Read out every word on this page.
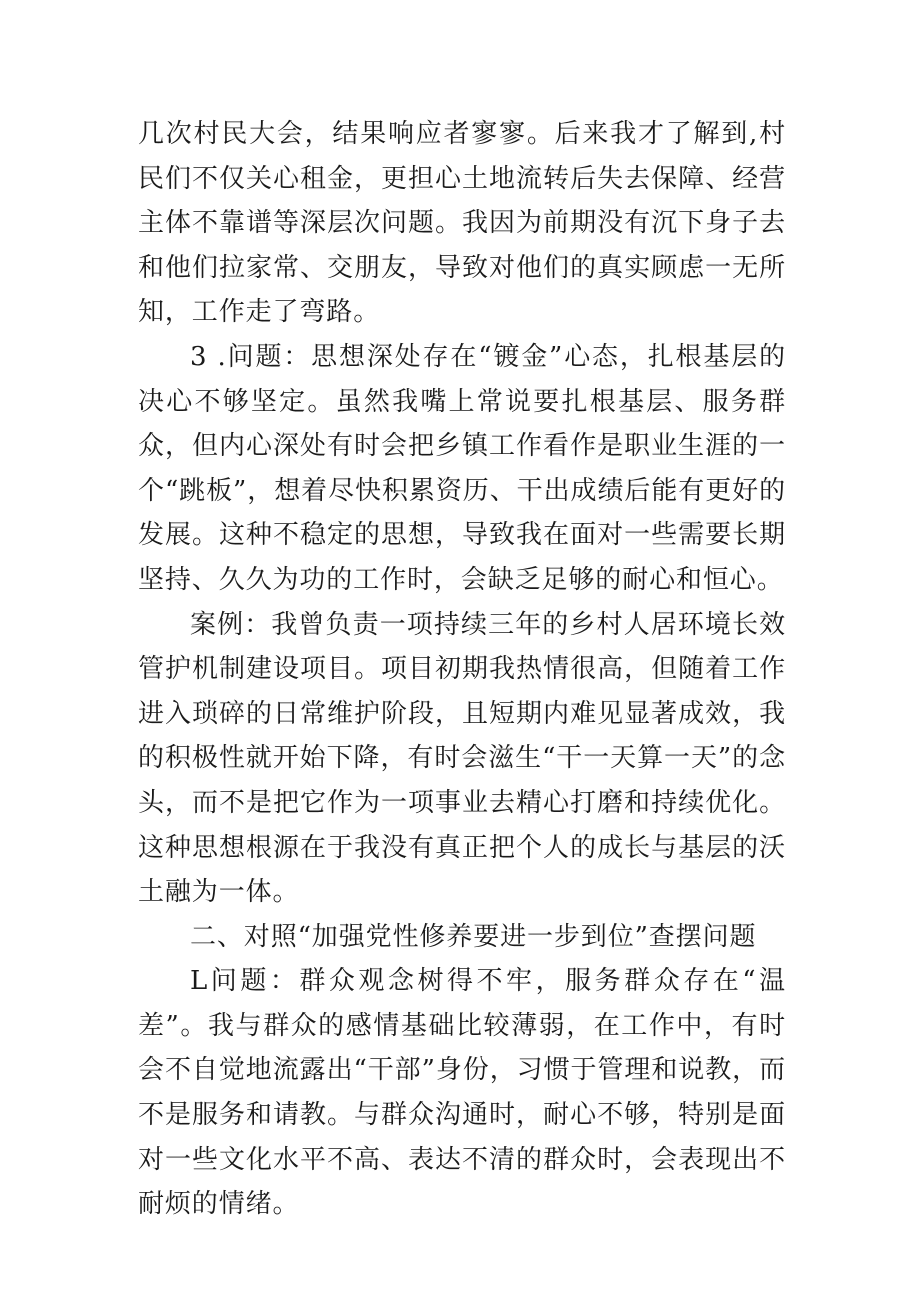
几次村民大会，结果响应者寥寥。后来我才了解到,村民们不仅关心租金，更担心土地流转后失去保障、经营主体不靠谱等深层次问题。我因为前期没有沉下身子去和他们拉家常、交朋友，导致对他们的真实顾虑一无所知，工作走了弯路。

3 .问题：思想深处存在“镀金”心态，扎根基层的决心不够坚定。虽然我嘴上常说要扎根基层、服务群众，但内心深处有时会把乡镇工作看作是职业生涯的一个“跳板”，想着尽快积累资历、干出成绩后能有更好的发展。这种不稳定的思想，导致我在面对一些需要长期坚持、久久为功的工作时，会缺乏足够的耐心和恒心。

案例：我曾负责一项持续三年的乡村人居环境长效管护机制建设项目。项目初期我热情很高，但随着工作进入琐碎的日常维护阶段，且短期内难见显著成效，我的积极性就开始下降，有时会滋生“干一天算一天”的念头，而不是把它作为一项事业去精心打磨和持续优化。这种思想根源在于我没有真正把个人的成长与基层的沃土融为一体。

二、对照“加强党性修养要进一步到位”查摆问题

L问题：群众观念树得不牢，服务群众存在“温差”。我与群众的感情基础比较薄弱，在工作中，有时会不自觉地流露出“干部”身份，习惯于管理和说教，而不是服务和请教。与群众沟通时，耐心不够，特别是面对一些文化水平不高、表达不清的群众时，会表现出不耐烦的情绪。
